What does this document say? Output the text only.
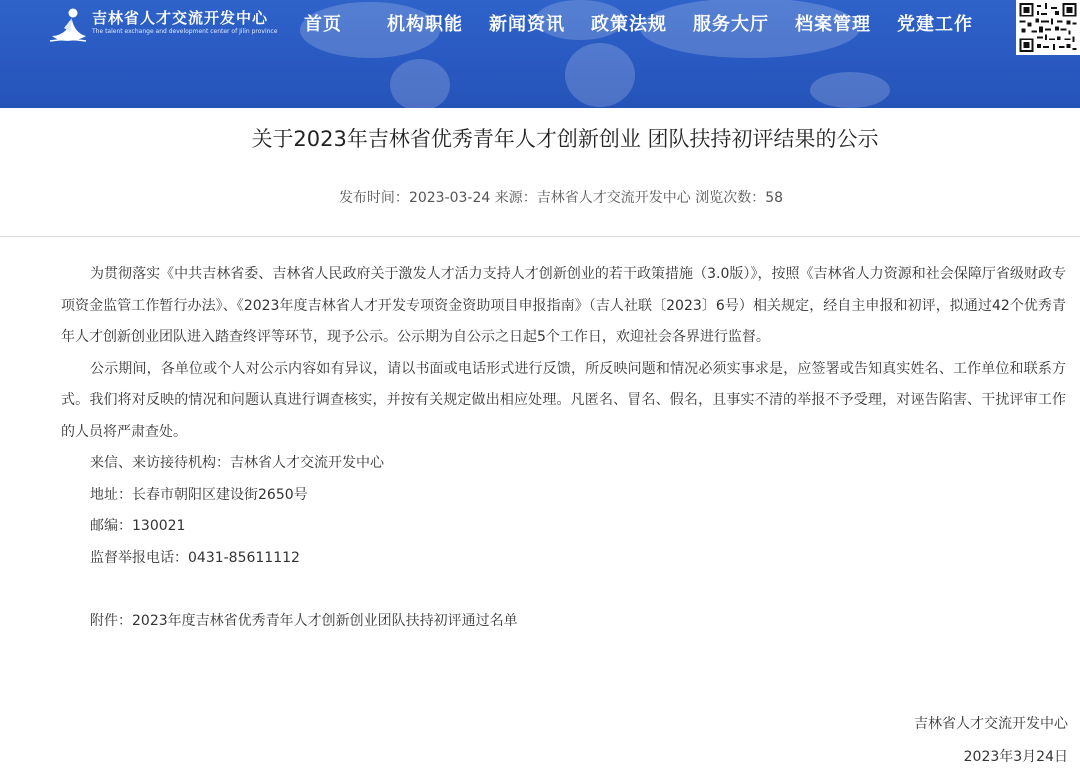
吉林省人才交流开发中心
The talent exchange and development center of Jilin province 首页	机构职能 新闻资讯 政策法规 服务大厅 档案管理 党建工作
关于2023年吉林省优秀青年人才创新创业 团队扶持初评结果的公示
发布时间：2023-03-24 来源：吉林省人才交流开发中心 浏览次数：58

为贯彻落实《中共吉林省委、吉林省人民政府关于激发人才活力支持人才创新创业的若干政策措施（3.0版）》，按照《吉林省人力资源和社会保障厅省级财政专项资金监管工作暂行办法》、《2023年度吉林省人才开发专项资金资助项目申报指南》（吉人社联〔2023〕6号）相关规定，经自主申报和初评，拟通过42个优秀青年人才创新创业团队进入踏查终评等环节，现予公示。公示期为自公示之日起5个工作日，欢迎社会各界进行监督。

公示期间，各单位或个人对公示内容如有异议，请以书面或电话形式进行反馈，所反映问题和情况必须实事求是，应签署或告知真实姓名、工作单位和联系方式。我们将对反映的情况和问题认真进行调查核实，并按有关规定做出相应处理。凡匿名、冒名、假名，且事实不清的举报不予受理，对诬告陷害、干扰评审工作的人员将严肃查处。

来信、来访接待机构：吉林省人才交流开发中心

地址：长春市朝阳区建设街2650号

邮编：130021

监督举报电话：0431-85611112

附件：2023年度吉林省优秀青年人才创新创业团队扶持初评通过名单

吉林省人才交流开发中心
2023年3月24日
